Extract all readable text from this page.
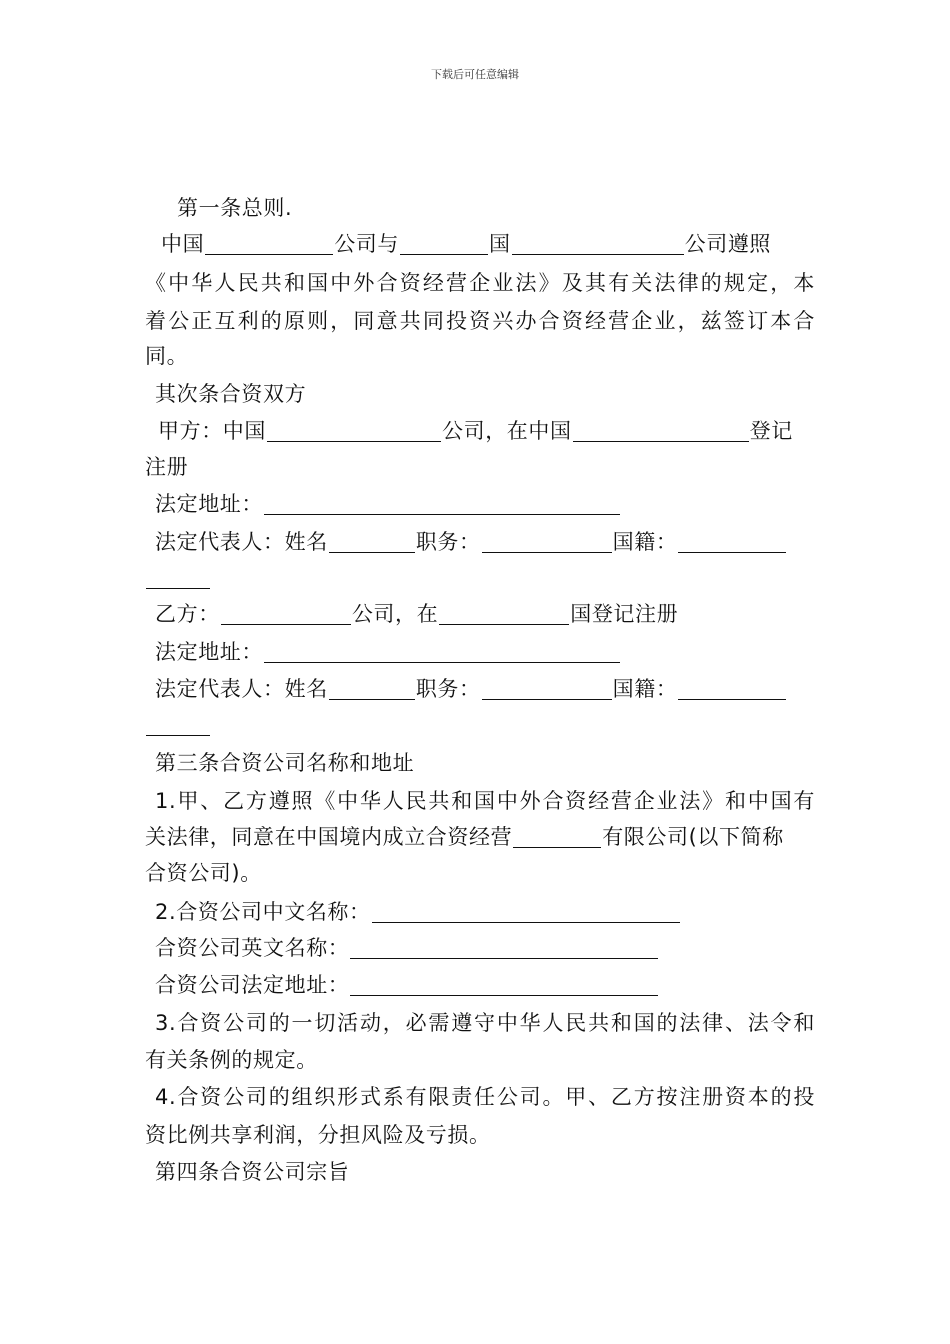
下载后可任意编辑
第一条总则.
中国	公司与	国	公司遵照
《中华人民共和国中外合资经营企业法》及其有关法律的规定，本
着公正互利的原则，同意共同投资兴办合资经营企业，兹签订本合
同。
其次条合资双方
甲方：中国	公司，在中国	登记
注册
法定地址：
法定代表人：姓名	职务：	国籍：
乙方：	公司，在	国登记注册
法定地址：
法定代表人：姓名	职务：	国籍：
第三条合资公司名称和地址
1.甲、乙方遵照《中华人民共和国中外合资经营企业法》和中国有
关法律，同意在中国境内成立合资经营	有限公司(以下简称
合资公司)。
2.合资公司中文名称：
合资公司英文名称：
合资公司法定地址：
3.合资公司的一切活动，必需遵守中华人民共和国的法律、法令和
有关条例的规定。
4.合资公司的组织形式系有限责任公司。甲、乙方按注册资本的投
资比例共享利润，分担风险及亏损。
第四条合资公司宗旨
